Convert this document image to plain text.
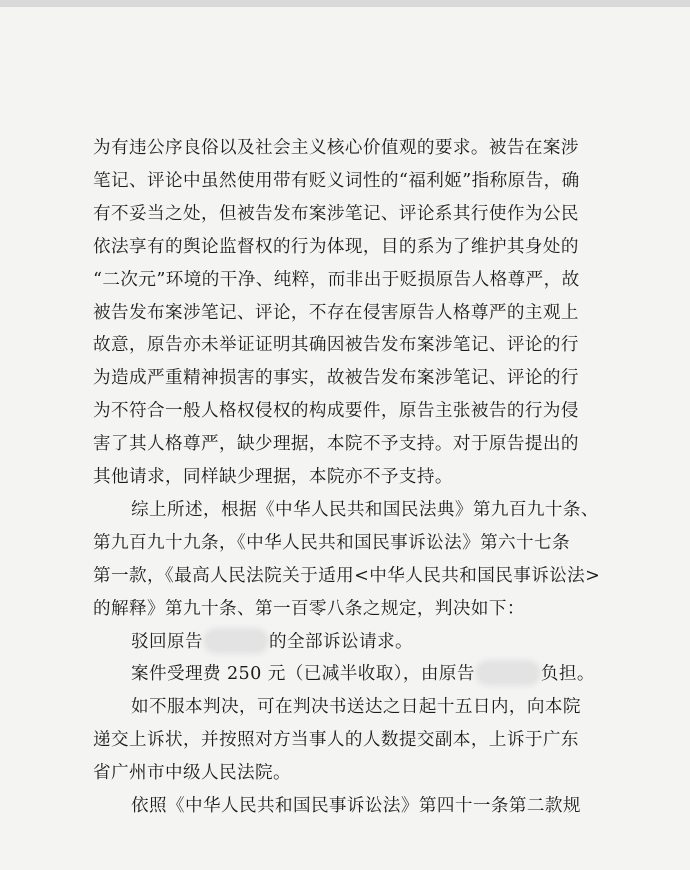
为有违公序良俗以及社会主义核心价值观的要求。被告在案涉
笔记、评论中虽然使用带有贬义词性的“福利姬”指称原告，确
有不妥当之处，但被告发布案涉笔记、评论系其行使作为公民
依法享有的舆论监督权的行为体现，目的系为了维护其身处的
“二次元”环境的干净、纯粹，而非出于贬损原告人格尊严，故
被告发布案涉笔记、评论，不存在侵害原告人格尊严的主观上
故意，原告亦未举证证明其确因被告发布案涉笔记、评论的行
为造成严重精神损害的事实，故被告发布案涉笔记、评论的行
为不符合一般人格权侵权的构成要件，原告主张被告的行为侵
害了其人格尊严，缺少理据，本院不予支持。对于原告提出的
其他请求，同样缺少理据，本院亦不予支持。
综上所述，根据《中华人民共和国民法典》第九百九十条、
第九百九十九条，《中华人民共和国民事诉讼法》第六十七条
第一款，《最高人民法院关于适用<中华人民共和国民事诉讼法>
的解释》第九十条、第一百零八条之规定，判决如下：
驳回原告	的全部诉讼请求。
案件受理费 250 元（已减半收取），由原告	负担。
如不服本判决，可在判决书送达之日起十五日内，向本院
递交上诉状，并按照对方当事人的人数提交副本，上诉于广东
省广州市中级人民法院。
依照《中华人民共和国民事诉讼法》第四十一条第二款规
